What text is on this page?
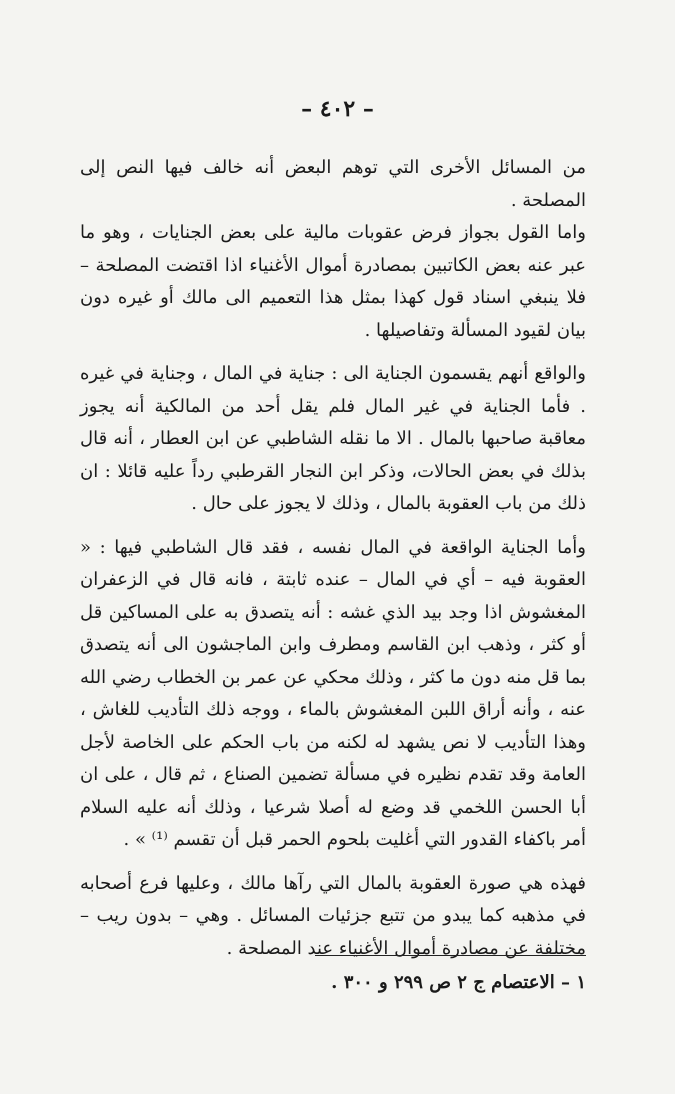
– ٤٠٢ –

من المسائل الأخرى التي توهم البعض أنه خالف فيها النص إلى المصلحة .

واما القول بجواز فرض عقوبات مالية على بعض الجنايات ، وهو ما عبر عنه بعض الكاتبين بمصادرة أموال الأغنياء اذا اقتضت المصلحة – فلا ينبغي اسناد قول كهذا بمثل هذا التعميم الى مالك أو غيره دون بيان لقيود المسألة وتفاصيلها .

والواقع أنهم يقسمون الجناية الى : جناية في المال ، وجناية في غيره . فأما الجناية في غير المال فلم يقل أحد من المالكية أنه يجوز معاقبة صاحبها بالمال . الا ما نقله الشاطبي عن ابن العطار ، أنه قال بذلك في بعض الحالات، وذكر ابن النجار القرطبي رداً عليه قائلا : ان ذلك من باب العقوبة بالمال ، وذلك لا يجوز على حال .

وأما الجناية الواقعة في المال نفسه ، فقد قال الشاطبي فيها : « العقوبة فيه – أي في المال – عنده ثابتة ، فانه قال في الزعفران المغشوش اذا وجد بيد الذي غشه : أنه يتصدق به على المساكين قل أو كثر ، وذهب ابن القاسم ومطرف وابن الماجشون الى أنه يتصدق بما قل منه دون ما كثر ، وذلك محكي عن عمر بن الخطاب رضي الله عنه ، وأنه أراق اللبن المغشوش بالماء ، ووجه ذلك التأديب للغاش ، وهذا التأديب لا نص يشهد له لكنه من باب الحكم على الخاصة لأجل العامة وقد تقدم نظيره في مسألة تضمين الصناع ، ثم قال ، على ان أبا الحسن اللخمي قد وضع له أصلا شرعيا ، وذلك أنه عليه السلام أمر باكفاء القدور التي أغليت بلحوم الحمر قبل أن تقسم ⁽¹⁾ » .

فهذه هي صورة العقوبة بالمال التي رآها مالك ، وعليها فرع أصحابه في مذهبه كما يبدو من تتبع جزئيات المسائل . وهي – بدون ريب – مختلفة عن مصادرة أموال الأغنياء عند المصلحة .

١ – الاعتصام ج ٢ ص ٢٩٩ و ٣٠٠ .
